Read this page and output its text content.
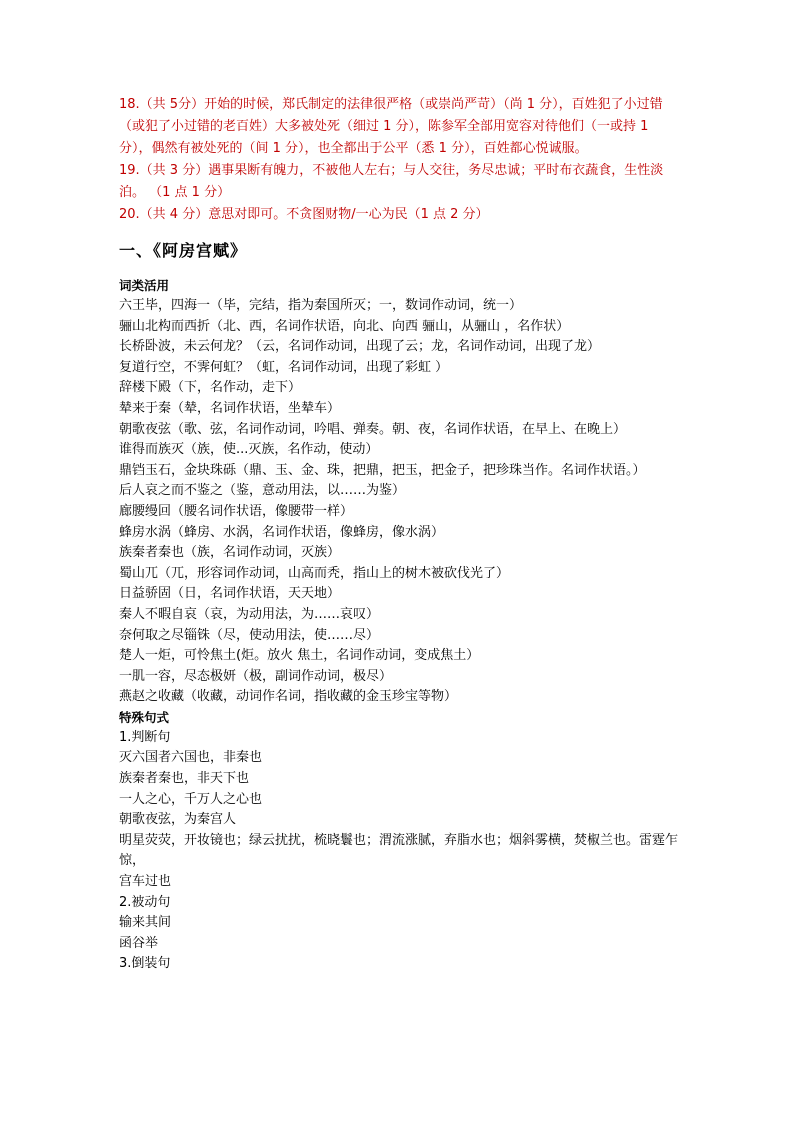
18.（共 5分）开始的时候，郑氏制定的法律很严格（或崇尚严苛）（尚 1 分），百姓犯了小过错（或犯了小过错的老百姓）大多被处死（细过 1 分），陈参军全部用宽容对待他们（一或持 1 分），偶然有被处死的（间 1 分），也全都出于公平（悉 1 分），百姓都心悦诚服。

19.（共 3 分）遇事果断有魄力，不被他人左右；与人交往，务尽忠诚；平时布衣蔬食，生性淡泊。 （1 点 1 分）

20.（共 4 分）意思对即可。不贪图财物/一心为民（1 点 2 分）

一、《阿房宫赋》

词类活用

六王毕，四海一（毕，完结，指为秦国所灭；一，数词作动词，统一）

骊山北构而西折（北、西，名词作状语，向北、向西 骊山，从骊山 ，名作状）

长桥卧波，未云何龙？（云，名词作动词，出现了云；龙，名词作动词，出现了龙）

复道行空，不霁何虹？（虹，名词作动词，出现了彩虹 ）

辞楼下殿（下，名作动，走下）

辇来于秦（辇，名词作状语，坐辇车）

朝歌夜弦（歌、弦，名词作动词，吟唱、弹奏。朝、夜，名词作状语，在早上、在晚上）

谁得而族灭（族，使...灭族，名作动，使动）

鼎铛玉石，金块珠砾（鼎、玉、金、珠，把鼎，把玉，把金子，把珍珠当作。名词作状语。）

后人哀之而不鉴之（鉴，意动用法，以……为鉴）

廊腰缦回（腰名词作状语，像腰带一样）

蜂房水涡（蜂房、水涡，名词作状语，像蜂房，像水涡）

族秦者秦也（族，名词作动词，灭族）

蜀山兀（兀，形容词作动词，山高而秃，指山上的树木被砍伐光了）

日益骄固（日，名词作状语，天天地）

秦人不暇自哀（哀，为动用法，为……哀叹）

奈何取之尽锱铢（尽，使动用法，使……尽）

楚人一炬，可怜焦土(炬。放火 焦土，名词作动词，变成焦土）

一肌一容，尽态极妍（极，副词作动词，极尽）

燕赵之收藏（收藏，动词作名词，指收藏的金玉珍宝等物）

特殊句式

1.判断句

灭六国者六国也，非秦也

族秦者秦也，非天下也

一人之心，千万人之心也

朝歌夜弦，为秦宫人

明星荧荧，开妆镜也；绿云扰扰，梳晓鬟也；渭流涨腻，弃脂水也；烟斜雾横，焚椒兰也。雷霆乍惊，

宫车过也

2.被动句

输来其间

函谷举

3.倒装句
